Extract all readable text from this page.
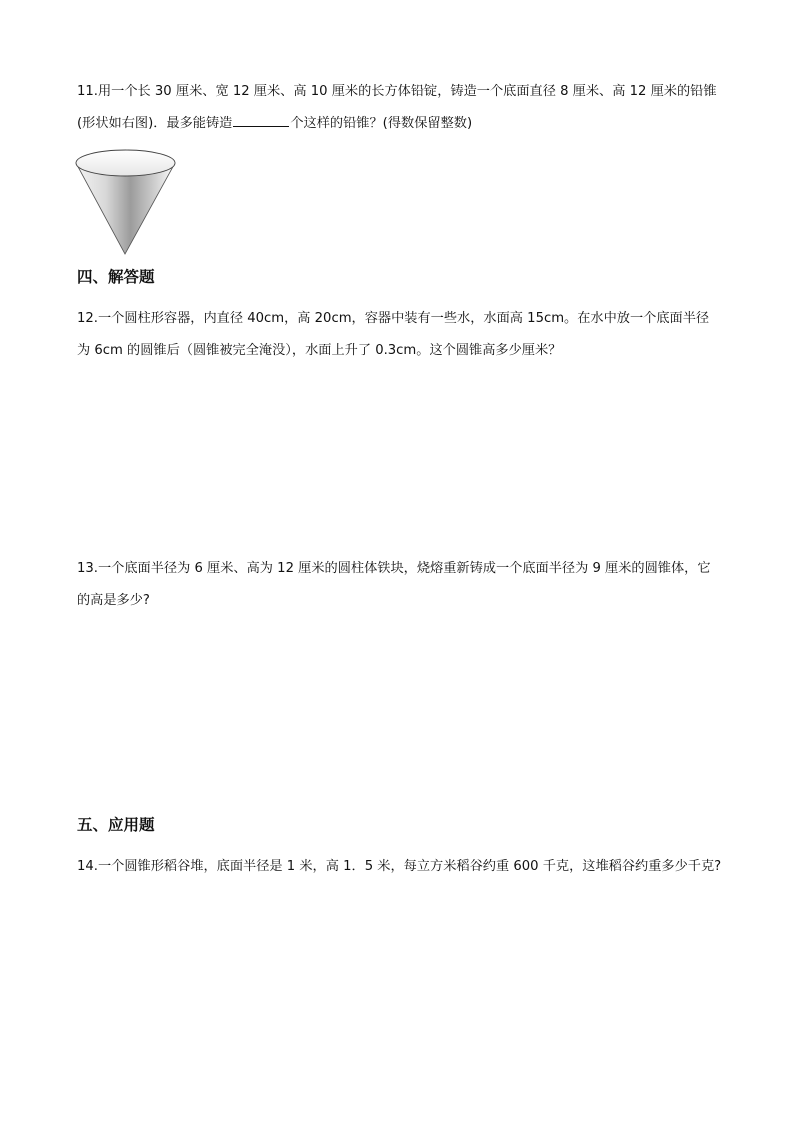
11.用一个长 30 厘米、宽 12 厘米、高 10 厘米的长方体铅锭，铸造一个底面直径 8 厘米、高 12 厘米的铅锥(形状如右图)．最多能铸造	个这样的铅锥？(得数保留整数)
四、解答题
12.一个圆柱形容器，内直径 40cm，高 20cm，容器中装有一些水，水面高 15cm。在水中放一个底面半径为 6cm 的圆锥后（圆锥被完全淹没），水面上升了 0.3cm。这个圆锥高多少厘米？
13.一个底面半径为 6 厘米、高为 12 厘米的圆柱体铁块，烧熔重新铸成一个底面半径为 9 厘米的圆锥体，它的高是多少?
五、应用题
14.一个圆锥形稻谷堆，底面半径是 1 米，高 1．5 米，每立方米稻谷约重 600 千克，这堆稻谷约重多少千克?
